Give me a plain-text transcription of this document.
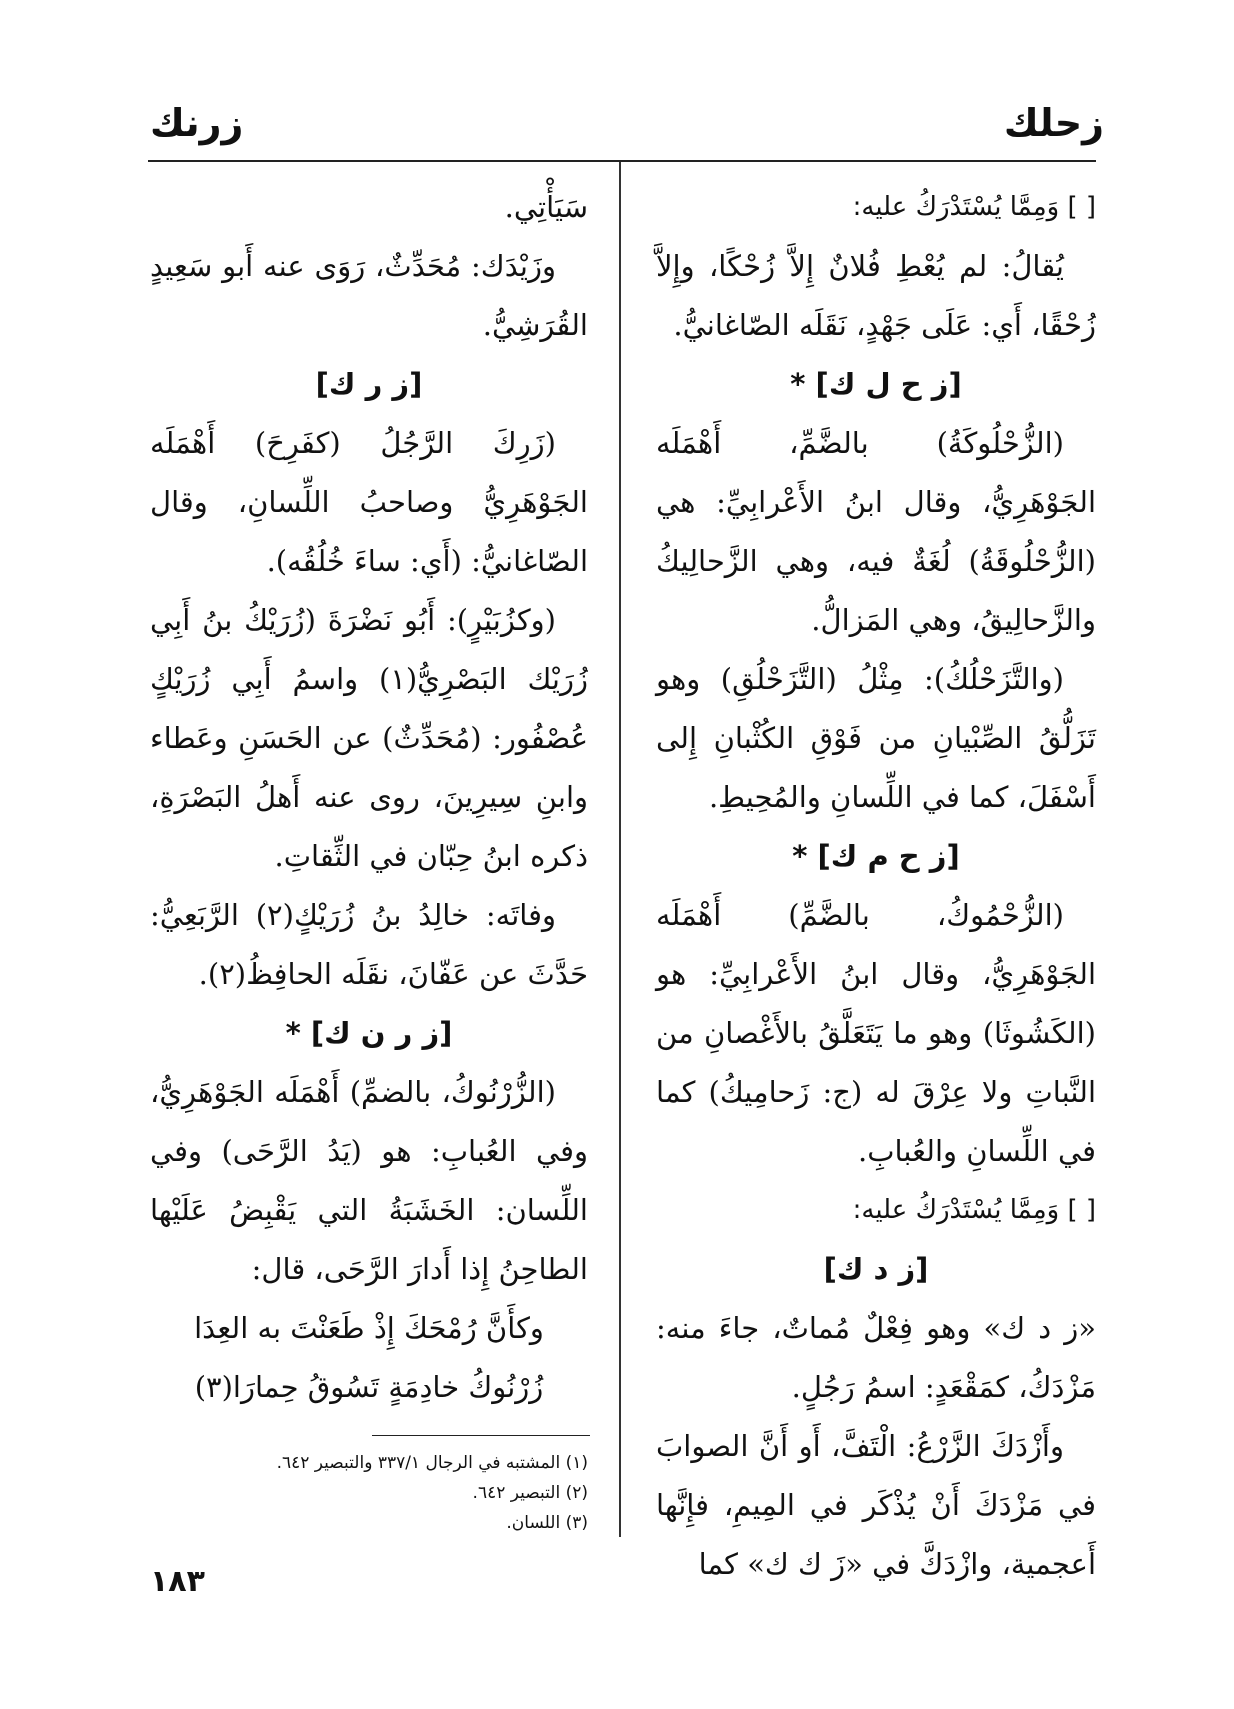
زحلك
زرنك

[ ] وَمِمَّا يُسْتَدْرَكُ عليه:

يُقالُ: لم يُعْطِ فُلانٌ إِلاَّ زُحْكًا، وإِلاَّ زُحْقًا، أَي: عَلَى جَهْدٍ، نَقَلَه الصّاغانيُّ.

[ز ح ل ك] *

(الزُّحْلُوكَةُ) بالضَّمِّ، أَهْمَلَه الجَوْهَرِيُّ، وقال ابنُ الأَعْرابِيِّ: هي (الزُّحْلُوقَةُ) لُغَةٌ فيه، وهي الزَّحالِيكُ والزَّحالِيقُ، وهي المَزالُّ.

(والتَّزَحْلُكُ): مِثْلُ (التَّزَحْلُقِ) وهو تَزَلُّقُ الصِّبْيانِ من فَوْقِ الكُثْبانِ إِلى أَسْفَلَ، كما في اللِّسانِ والمُحِيطِ.

[ز ح م ك] *

(الزُّحْمُوكُ، بالضَّمِّ) أَهْمَلَه الجَوْهَرِيُّ، وقال ابنُ الأَعْرابِيِّ: هو (الكَشُوثَا) وهو ما يَتَعَلَّقُ بالأَغْصانِ من النَّباتِ ولا عِرْقَ له (ج: زَحامِيكُ) كما في اللِّسانِ والعُبابِ.

[ ] وَمِمَّا يُسْتَدْرَكُ عليه:

[ز د ك]

«ز د ك» وهو فِعْلٌ مُماتٌ، جاءَ منه: مَزْدَكُ، كمَقْعَدٍ: اسمُ رَجُلٍ.

وأَزْدَكَ الزَّرْعُ: الْتَفَّ، أَو أَنَّ الصوابَ في مَزْدَكَ أَنْ يُذْكَر في المِيمِ، فإِنَّها أَعجمية، وازْدَكَّ في «زَ ك ك» كما

سَيَأْتِي.

وزَيْدَك: مُحَدِّثٌ، رَوَى عنه أَبو سَعِيدٍ القُرَشِيُّ.

[ز ر ك]

(زَرِكَ الرَّجُلُ (كفَرِحَ) أَهْمَلَه الجَوْهَرِيُّ وصاحبُ اللِّسانِ، وقال الصّاغانيُّ: (أَي: ساءَ خُلُقُه).

(وكزُبَيْرٍ): أَبُو نَضْرَةَ (زُرَيْكُ بنُ أَبِي زُرَيْك البَصْرِيُّ(١) واسمُ أَبِي زُرَيْكٍ عُصْفُور: (مُحَدِّثٌ) عن الحَسَنِ وعَطاء وابنِ سِيرِينَ، روى عنه أَهلُ البَصْرَةِ، ذكره ابنُ حِبّان في الثِّقاتِ.

وفاتَه: خالِدُ بنُ زُرَيْكٍ(٢) الرَّبَعِيُّ: حَدَّثَ عن عَفّانَ، نقَلَه الحافِظُ(٢).

[ز ر ن ك] *

(الزُّرْنُوكُ، بالضمِّ) أَهْمَلَه الجَوْهَرِيُّ، وفي العُبابِ: هو (يَدُ الرَّحَى) وفي اللِّسان: الخَشَبَةُ التي يَقْبِضُ عَلَيْها الطاحِنُ إِذا أَدارَ الرَّحَى، قال:

وكأَنَّ رُمْحَكَ إِذْ طَعَنْتَ به العِدَا

زُرْنُوكُ خادِمَةٍ تَسُوقُ حِمارَا(٣)

(١) المشتبه في الرجال ٣٣٧/١ والتبصير ٦٤٢.
(٢) التبصير ٦٤٢.
(٣) اللسان.
١٨٣
